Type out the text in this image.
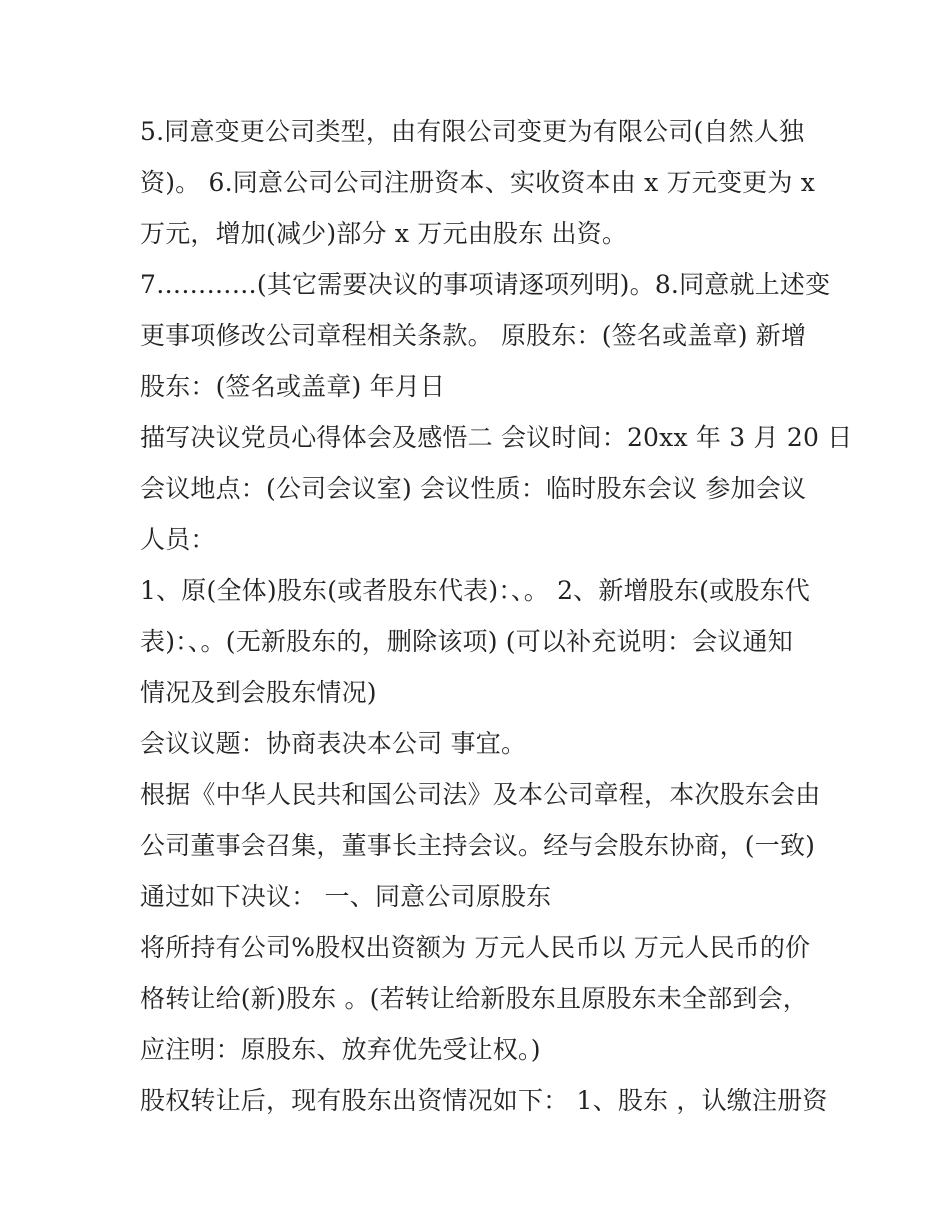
5.同意变更公司类型，由有限公司变更为有限公司(自然人独
资)。 6.同意公司公司注册资本、实收资本由 x 万元变更为 x
万元，增加(减少)部分 x 万元由股东 出资。
7…………(其它需要决议的事项请逐项列明)。8.同意就上述变
更事项修改公司章程相关条款。 原股东：(签名或盖章) 新增
股东：(签名或盖章) 年月日
描写决议党员心得体会及感悟二 会议时间：20xx 年 3 月 20 日
会议地点：(公司会议室) 会议性质：临时股东会议 参加会议
人员：
1、原(全体)股东(或者股东代表)：、。 2、新增股东(或股东代
表)：、。(无新股东的，删除该项) (可以补充说明：会议通知
情况及到会股东情况)
会议议题：协商表决本公司 事宜。
根据《中华人民共和国公司法》及本公司章程，本次股东会由
公司董事会召集，董事长主持会议。经与会股东协商，(一致)
通过如下决议： 一、同意公司原股东
将所持有公司%股权出资额为 万元人民币以 万元人民币的价
格转让给(新)股东 。(若转让给新股东且原股东未全部到会，
应注明：原股东、放弃优先受让权。)
股权转让后，现有股东出资情况如下： 1、股东 ，认缴注册资
